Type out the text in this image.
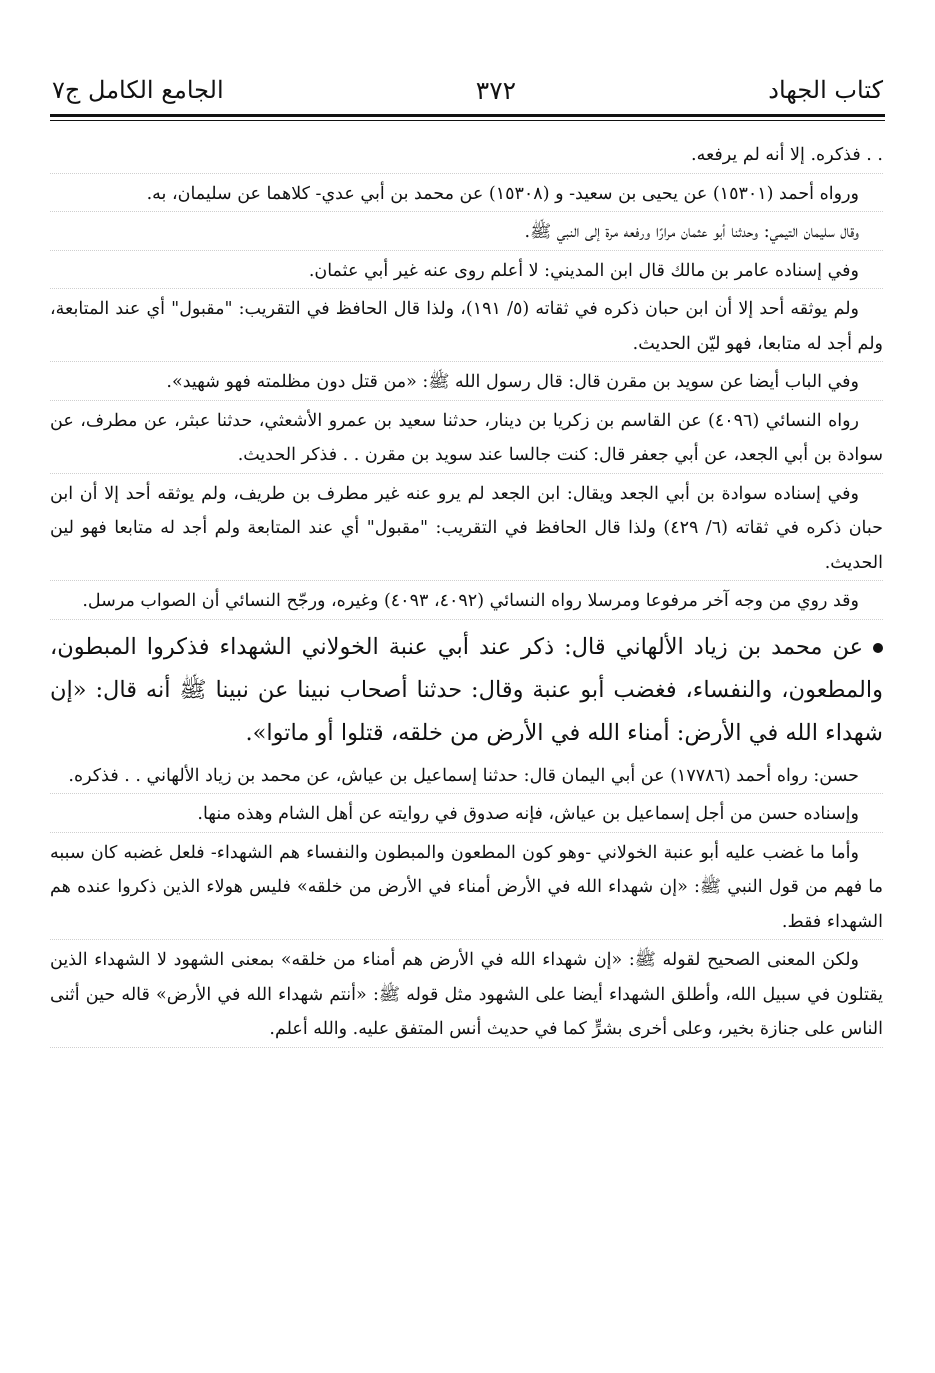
كتاب الجهاد
٣٧٢
الجامع الكامل ج٧

. . فذكره. إلا أنه لم يرفعه.

ورواه أحمد (١٥٣٠١) عن يحيى بن سعيد- و (١٥٣٠٨) عن محمد بن أبي عدي- كلاهما عن سليمان، به.

وقال سليمان التيمي: وحدثنا أبو عثمان مرارًا ورفعه مرة إلى النبي ﷺ.

وفي إسناده عامر بن مالك قال ابن المديني: لا أعلم روى عنه غير أبي عثمان.

ولم يوثقه أحد إلا أن ابن حبان ذكره في ثقاته (٥/ ١٩١)، ولذا قال الحافظ في التقريب: "مقبول" أي عند المتابعة، ولم أجد له متابعا، فهو ليّن الحديث.

وفي الباب أيضا عن سويد بن مقرن قال: قال رسول الله ﷺ: «من قتل دون مظلمته فهو شهيد».

رواه النسائي (٤٠٩٦) عن القاسم بن زكريا بن دينار، حدثنا سعيد بن عمرو الأشعثي، حدثنا عبثر، عن مطرف، عن سوادة بن أبي الجعد، عن أبي جعفر قال: كنت جالسا عند سويد بن مقرن . . فذكر الحديث.

وفي إسناده سوادة بن أبي الجعد ويقال: ابن الجعد لم يرو عنه غير مطرف بن طريف، ولم يوثقه أحد إلا أن ابن حبان ذكره في ثقاته (٦/ ٤٢٩) ولذا قال الحافظ في التقريب: "مقبول" أي عند المتابعة ولم أجد له متابعا فهو لين الحديث.

وقد روي من وجه آخر مرفوعا ومرسلا رواه النسائي (٤٠٩٢، ٤٠٩٣) وغيره، ورجّح النسائي أن الصواب مرسل.

عن محمد بن زياد الألهاني قال: ذكر عند أبي عنبة الخولاني الشهداء فذكروا المبطون، والمطعون، والنفساء، فغضب أبو عنبة وقال: حدثنا أصحاب نبينا عن نبينا ﷺ أنه قال: «إن شهداء الله في الأرض: أمناء الله في الأرض من خلقه، قتلوا أو ماتوا».

حسن: رواه أحمد (١٧٧٨٦) عن أبي اليمان قال: حدثنا إسماعيل بن عياش، عن محمد بن زياد الألهاني . . فذكره.

وإسناده حسن من أجل إسماعيل بن عياش، فإنه صدوق في روايته عن أهل الشام وهذه منها.

وأما ما غضب عليه أبو عنبة الخولاني -وهو كون المطعون والمبطون والنفساء هم الشهداء- فلعل غضبه كان سببه ما فهم من قول النبي ﷺ: «إن شهداء الله في الأرض أمناء في الأرض من خلقه» فليس هولاء الذين ذكروا عنده هم الشهداء فقط.

ولكن المعنى الصحيح لقوله ﷺ: «إن شهداء الله في الأرض هم أمناء من خلقه» بمعنى الشهود لا الشهداء الذين يقتلون في سبيل الله، وأطلق الشهداء أيضا على الشهود مثل قوله ﷺ: «أنتم شهداء الله في الأرض» قاله حين أثنى الناس على جنازة بخير، وعلى أخرى بشرٍّ كما في حديث أنس المتفق عليه. والله أعلم.
